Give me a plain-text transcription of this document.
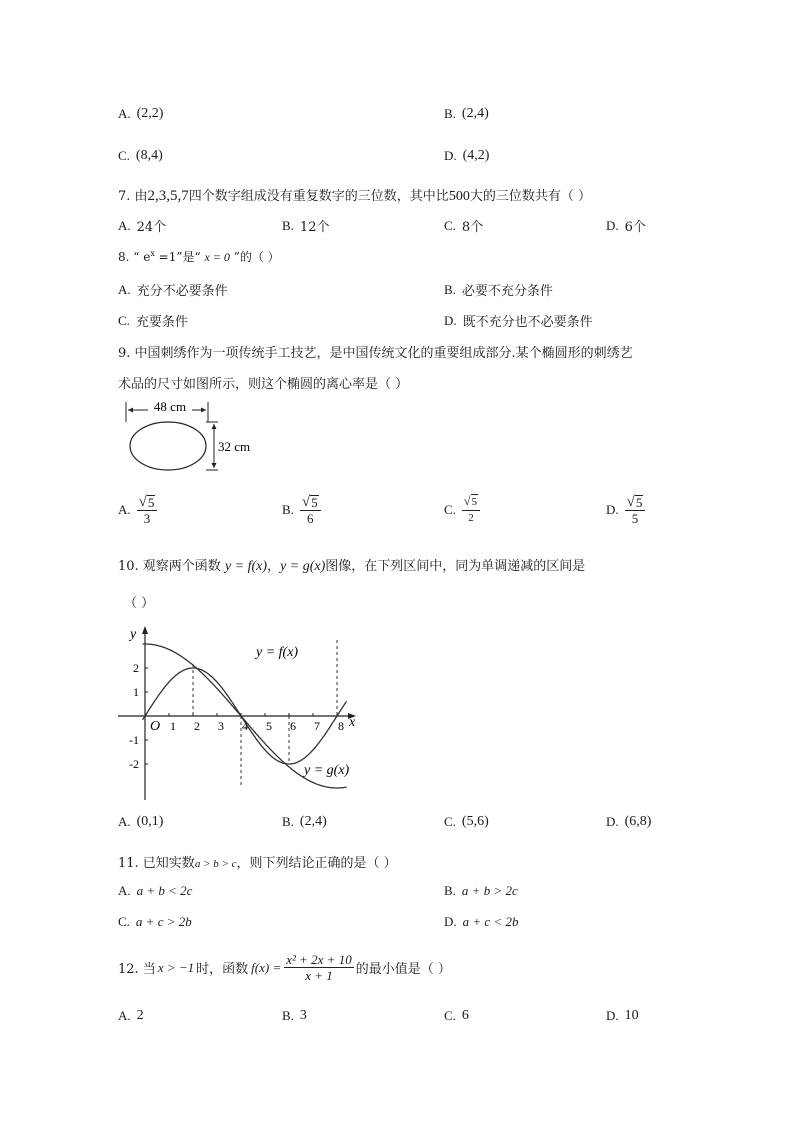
A. (2,2)	B. (2,4)
C. (8,4)	D. (4,2)
7. 由2,3,5,7四个数字组成没有重复数字的三位数，其中比500大的三位数共有（ ）
A. 24个	B. 12个	C. 8个	D. 6个
8. “ $e^x =1$”是“ x = 0 ”的（ ）
A. 充分不必要条件	B. 必要不充分条件
C. 充要条件	D. 既不充分也不必要条件
9. 中国刺绣作为一项传统手工技艺，是中国传统文化的重要组成部分.某个椭圆形的刺绣艺
术品的尺寸如图所示，则这个椭圆的离心率是（ ）
48 cm
32 cm
A. $\frac{√ 5}{3}$	B. $\frac{√ 5}{6}$	C. $\frac{√ 5}{2}$	D. $\frac{√ 5}{5}$
10. 观察两个函数 y = f(x)，y = g(x)图像，在下列区间中，同为单调递减的区间是
（ ）
y
x
O 1 2 3 4 5 6 7 8
2
1
-1
-2
y = f(x)
y = g(x)
A. (0,1)	B. (2,4)	C. (5,6)	D. (6,8)
11. 已知实数a > b > c，则下列结论正确的是（ ）
A. a + b < 2c	B. a + b > 2c
C. a + c > 2b	D. a + c < 2b
12. 当 x > −1 时，函数 $f(x) = \frac{\text{x² + 2x + 10}}{x + 1}$ 的最小值是（ ）
A. 2	B. 3	C. 6	D. 10
